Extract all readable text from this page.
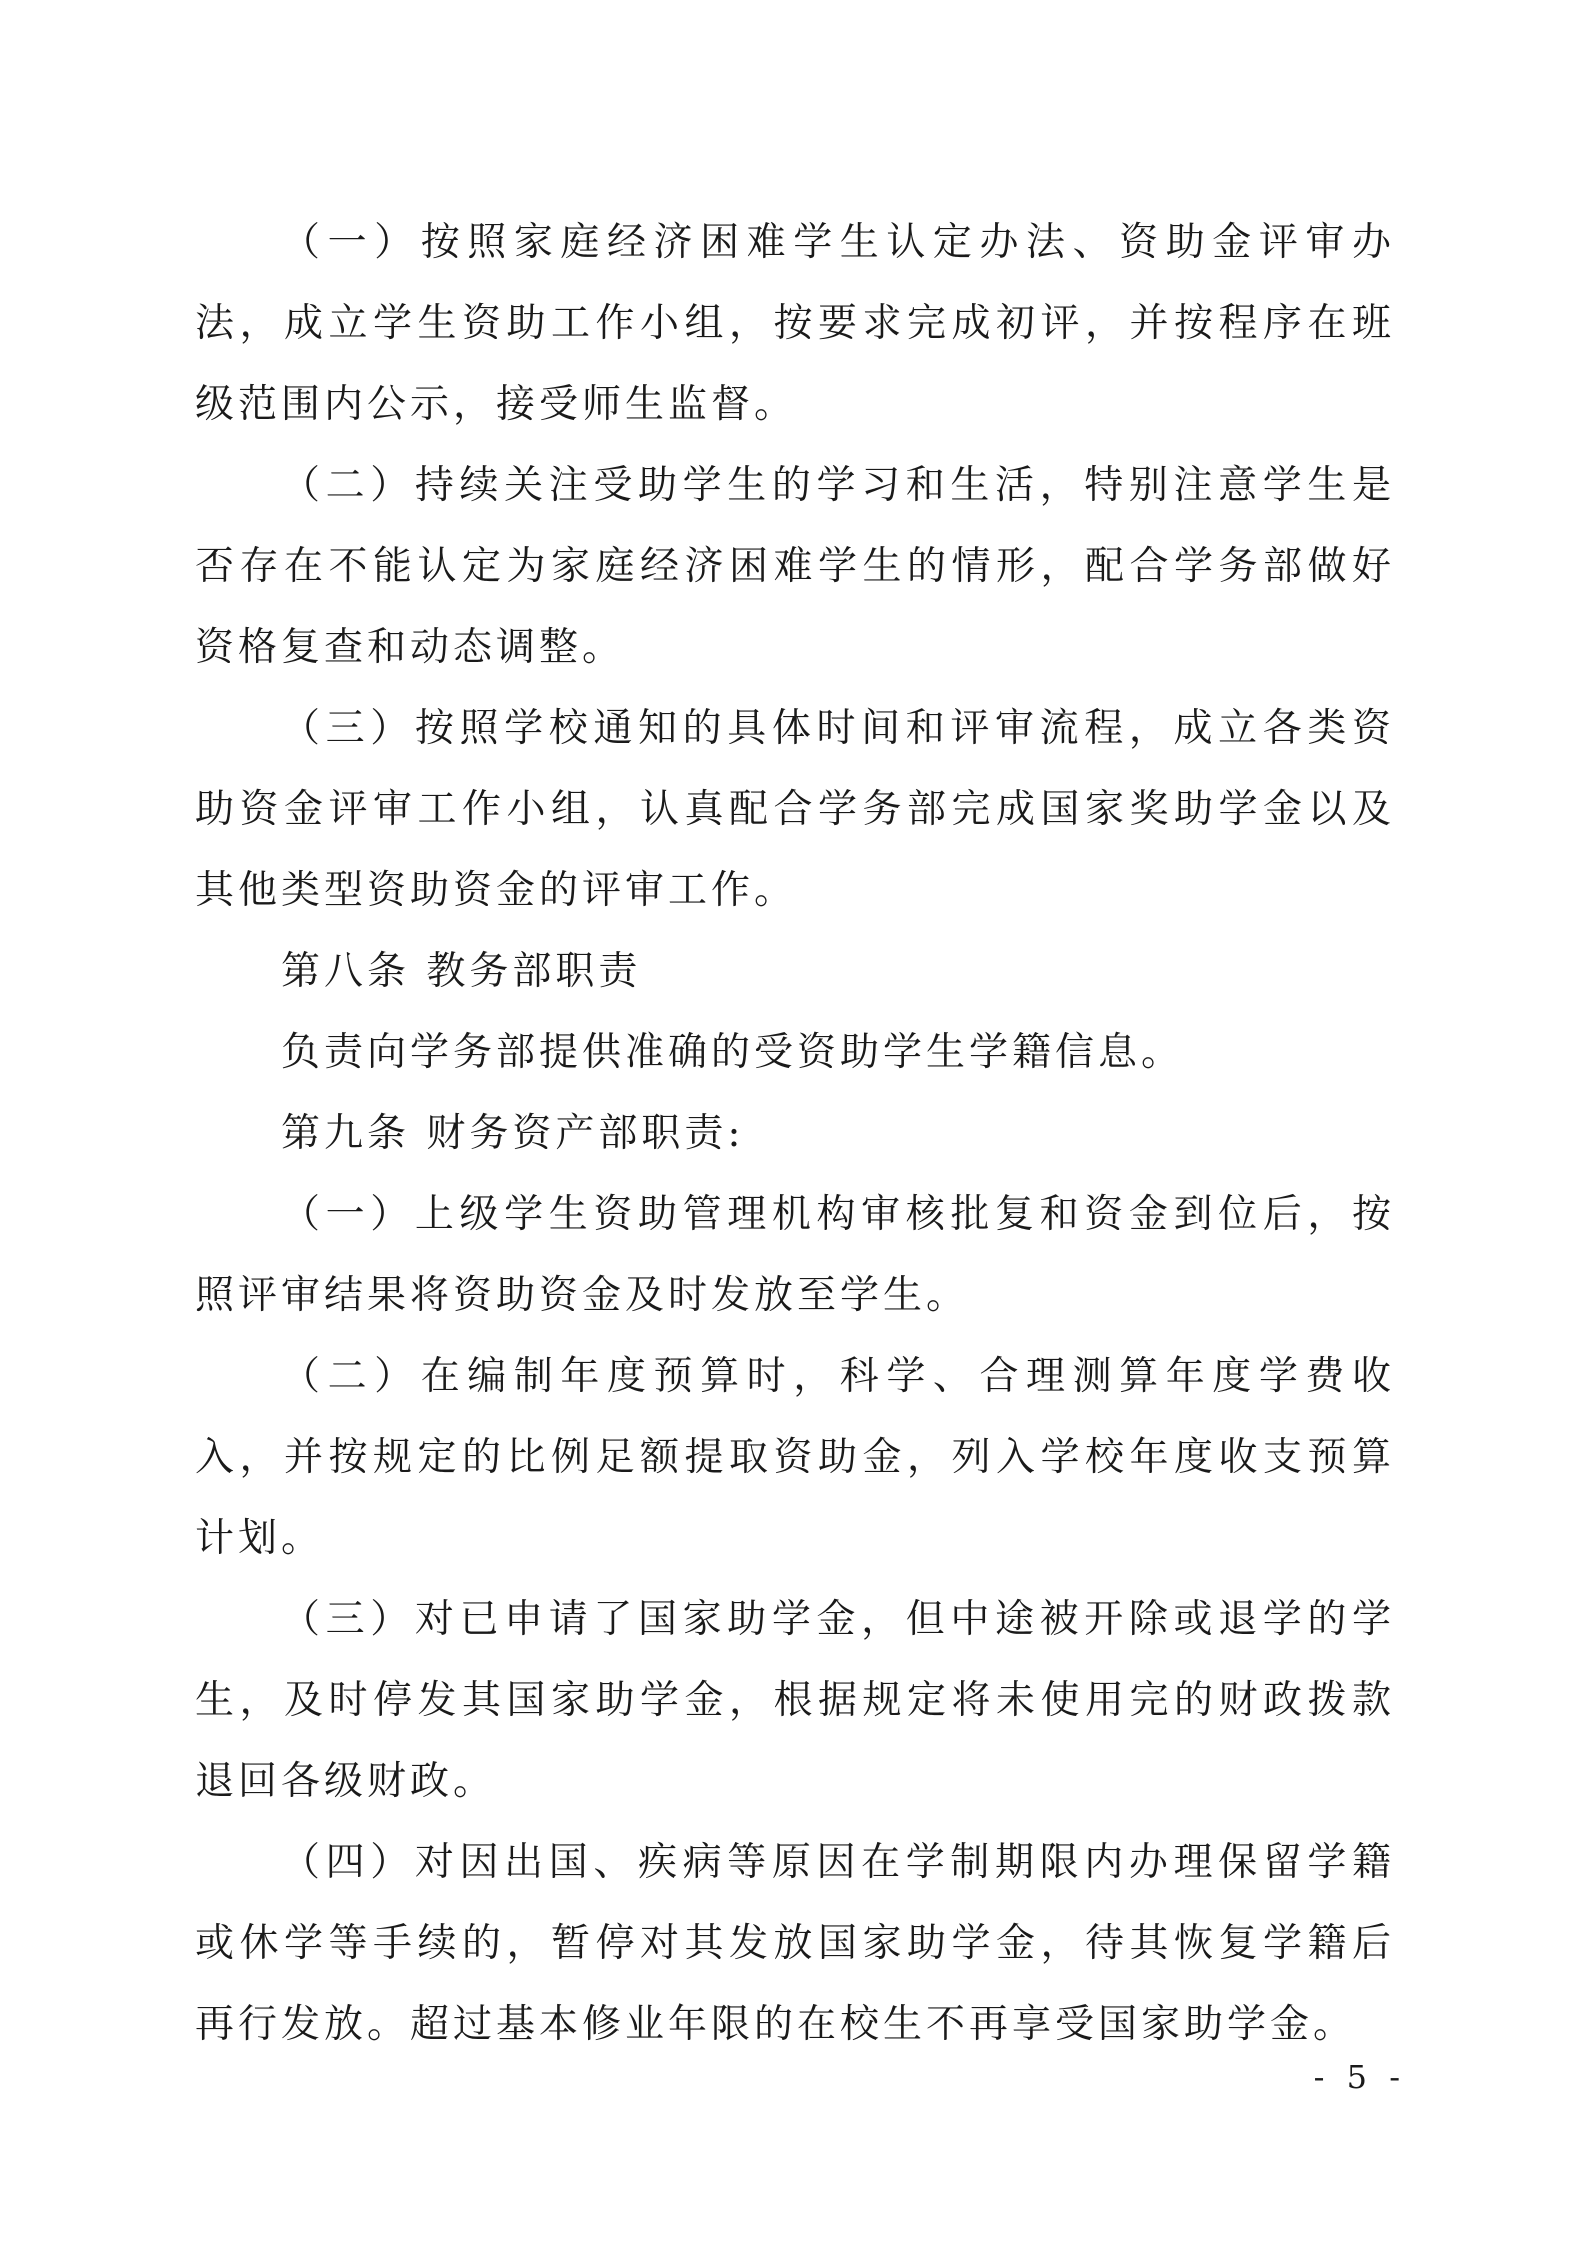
（一）按照家庭经济困难学生认定办法、资助金评审办法，成立学生资助工作小组，按要求完成初评，并按程序在班级范围内公示，接受师生监督。

（二）持续关注受助学生的学习和生活，特别注意学生是否存在不能认定为家庭经济困难学生的情形，配合学务部做好资格复查和动态调整。

（三）按照学校通知的具体时间和评审流程，成立各类资助资金评审工作小组，认真配合学务部完成国家奖助学金以及其他类型资助资金的评审工作。

第八条 教务部职责

负责向学务部提供准确的受资助学生学籍信息。

第九条 财务资产部职责:

（一）上级学生资助管理机构审核批复和资金到位后，按照评审结果将资助资金及时发放至学生。

（二）在编制年度预算时，科学、合理测算年度学费收入，并按规定的比例足额提取资助金，列入学校年度收支预算计划。

（三）对已申请了国家助学金，但中途被开除或退学的学生，及时停发其国家助学金，根据规定将未使用完的财政拨款退回各级财政。

（四）对因出国、疾病等原因在学制期限内办理保留学籍或休学等手续的，暂停对其发放国家助学金，待其恢复学籍后再行发放。超过基本修业年限的在校生不再享受国家助学金。

- 5 -
